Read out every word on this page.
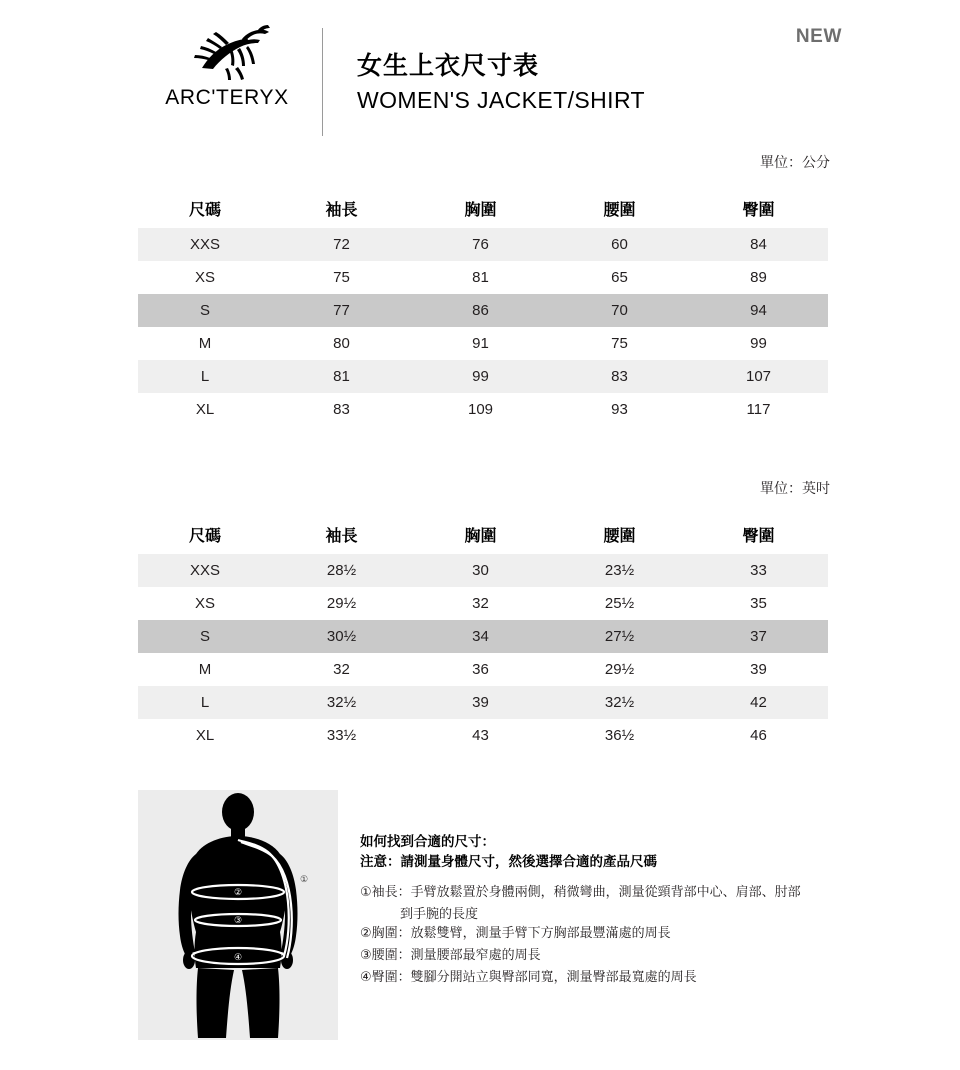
ARC'TERYX
女生上衣尺寸表
WOMEN'S JACKET/SHIRT
NEW
單位：公分
尺碼	袖長	胸圍	腰圍	臀圍
XXS	72	76	60	84
XS	75	81	65	89
S	77	86	70	94
M	80	91	75	99
L	81	99	83	107
XL	83	109	93	117
單位：英吋
尺碼	袖長	胸圍	腰圍	臀圍
XXS	28½	30	23½	33
XS	29½	32	25½	35
S	30½	34	27½	37
M	32	36	29½	39
L	32½	39	32½	42
XL	33½	43	36½	46
②
③
④
①
如何找到合適的尺寸：
注意：請測量身體尺寸，然後選擇合適的產品尺碼
①袖長：手臂放鬆置於身體兩側，稍微彎曲，測量從頸背部中心、肩部、肘部
到手腕的長度
②胸圍：放鬆雙臂，測量手臂下方胸部最豐滿處的周長
③腰圍：測量腰部最窄處的周長
④臀圍：雙腳分開站立與臀部同寬，測量臀部最寬處的周長
